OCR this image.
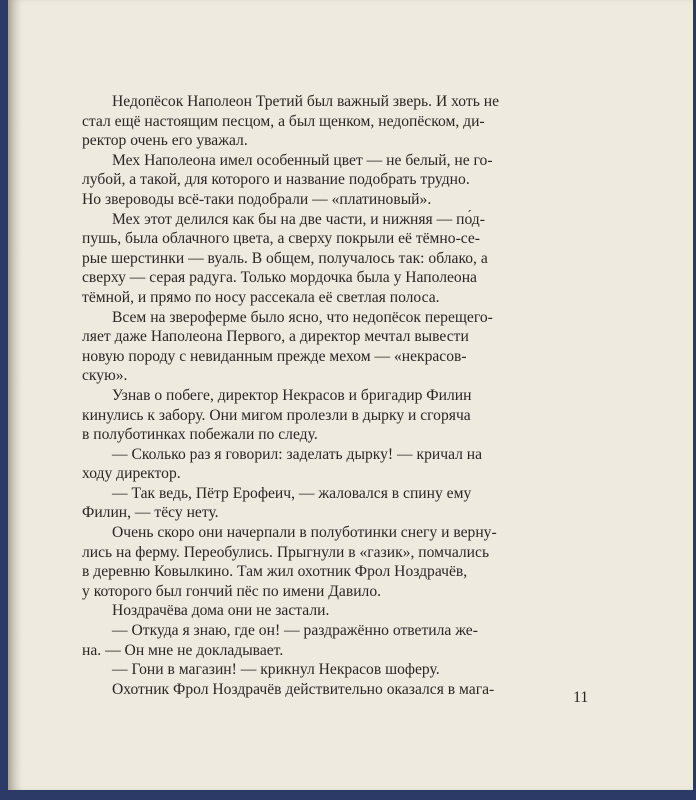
Недопёсок Наполеон Третий был важный зверь. И хоть не
стал ещё настоящим песцом, а был щенком, недопёском, ди-
ректор очень его уважал.
Мех Наполеона имел особенный цвет — не белый, не го-
лубой, а такой, для которого и название подобрать трудно.
Но звероводы всё-таки подобрали — «платиновый».
Мех этот делился как бы на две части, и нижняя — по́д-
пушь, была облачного цвета, а сверху покрыли её тёмно-се-
рые шерстинки — вуаль. В общем, получалось так: облако, а
сверху — серая радуга. Только мордочка была у Наполеона
тёмной, и прямо по носу рассекала её светлая полоса.
Всем на звероферме было ясно, что недопёсок перещего-
ляет даже Наполеона Первого, а директор мечтал вывести
новую породу с невиданным прежде мехом — «некрасов-
скую».
Узнав о побеге, директор Некрасов и бригадир Филин
кинулись к забору. Они мигом пролезли в дырку и сгоряча
в полуботинках побежали по следу.
— Сколько раз я говорил: заделать дырку! — кричал на
ходу директор.
— Так ведь, Пётр Ерофеич, — жаловался в спину ему
Филин, — тёсу нету.
Очень скоро они начерпали в полуботинки снегу и верну-
лись на ферму. Переобулись. Прыгнули в «газик», помчались
в деревню Ковылкино. Там жил охотник Фрол Ноздрачёв,
у которого был гончий пёс по имени Давило.
Ноздрачёва дома они не застали.
— Откуда я знаю, где он! — раздражённо ответила же-
на. — Он мне не докладывает.
— Гони в магазин! — крикнул Некрасов шоферу.
Охотник Фрол Ноздрачёв действительно оказался в мага-	11
